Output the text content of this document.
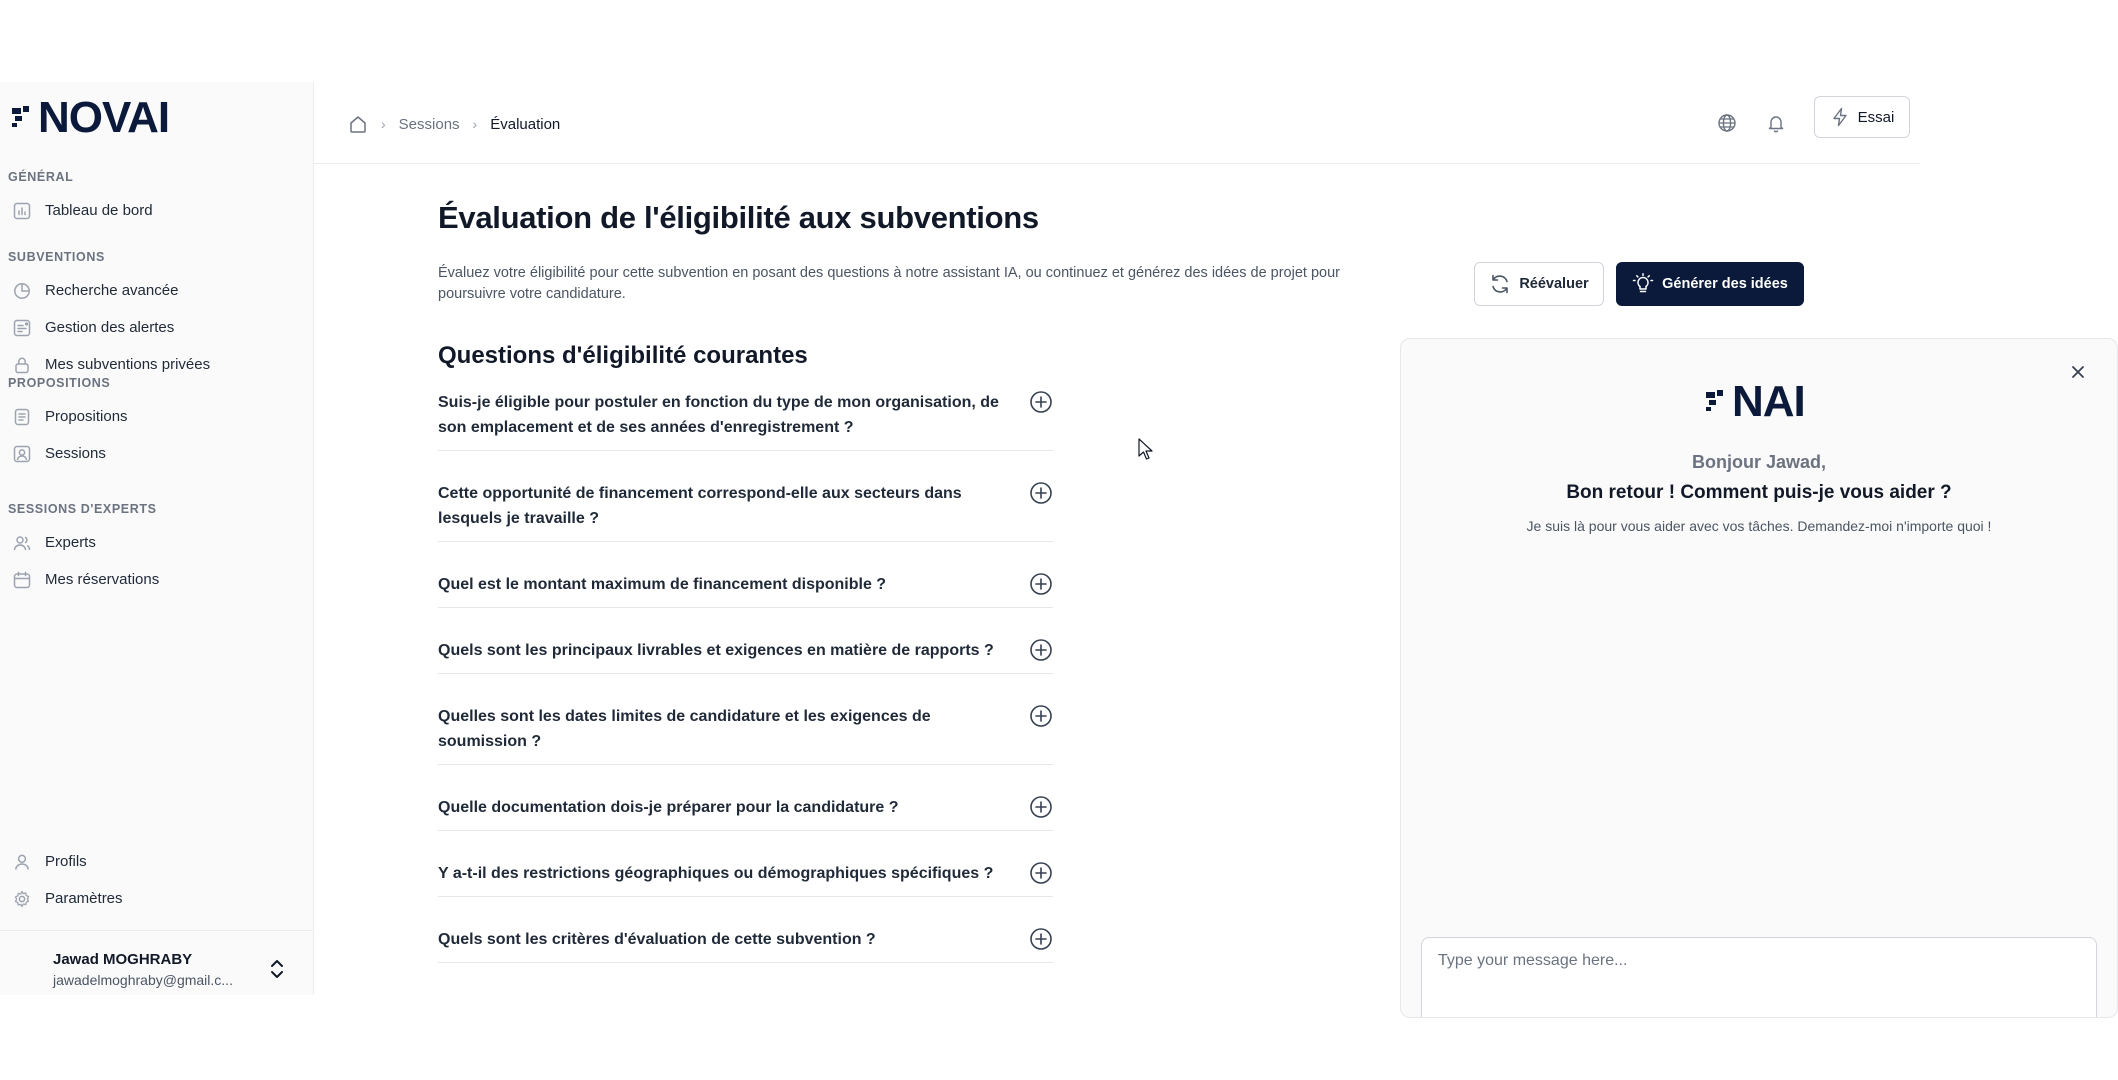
NOVAI
GÉNÉRAL
Tableau de bord
SUBVENTIONS
Recherche avancée
Gestion des alertes
Mes subventions privées
PROPOSITIONS
Propositions
Sessions
SESSIONS D'EXPERTS
Experts
Mes réservations
Profils
Paramètres
Jawad MOGHRABY
jawadelmoghraby@gmail.c...
› Sessions › Évaluation	Essai
Évaluation de l'éligibilité aux subventions

Évaluez votre éligibilité pour cette subvention en posant des questions à notre assistant IA, ou continuez et générez des idées de projet pour poursuivre votre candidature.

Réévaluer	Générer des idées
Questions d'éligibilité courantes
Suis-je éligible pour postuler en fonction du type de mon organisation, de son emplacement et de ses années d'enregistrement ?
Cette opportunité de financement correspond-elle aux secteurs dans lesquels je travaille ?
Quel est le montant maximum de financement disponible ?
Quels sont les principaux livrables et exigences en matière de rapports ?
Quelles sont les dates limites de candidature et les exigences de soumission ?
Quelle documentation dois-je préparer pour la candidature ?
Y a-t-il des restrictions géographiques ou démographiques spécifiques ?
Quels sont les critères d'évaluation de cette subvention ?
NAI
Bonjour Jawad,
Bon retour ! Comment puis-je vous aider ?
Je suis là pour vous aider avec vos tâches. Demandez-moi n'importe quoi !
Type your message here...
